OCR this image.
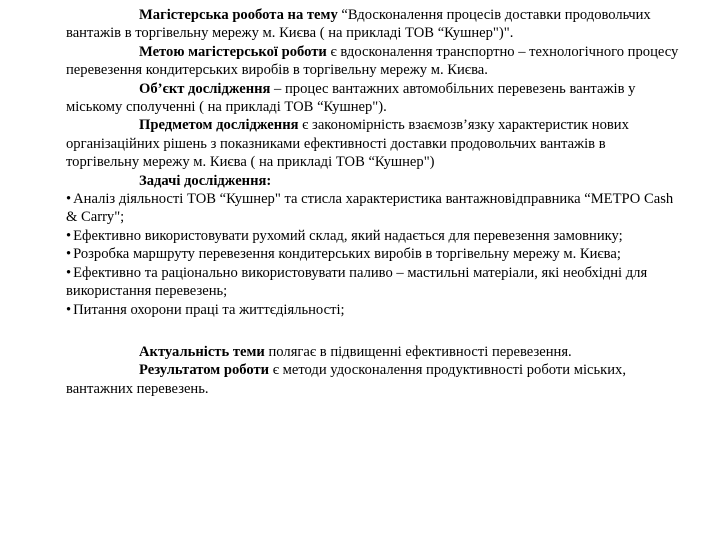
Магістерська рообота на тему “Вдосконалення процесів доставки продовольчих вантажів в торгівельну мережу м. Києва ( на прикладі ТОВ “Кушнер")".

Метою магістерської роботи є вдосконалення транспортно – технологічного процесу перевезення кондитерських виробів в торгівельну мережу м. Києва.

Об’єкт дослідження – процес вантажних автомобільних перевезень вантажів у міському сполученні ( на прикладі ТОВ “Кушнер").

Предметом дослідження є закономірність взаємозв’язку характеристик нових організаційних рішень з показниками ефективності доставки продовольчих вантажів в торгівельну мережу м. Києва ( на прикладі ТОВ “Кушнер")

Задачі дослідження:

• Аналіз діяльності ТОВ “Кушнер" та стисла характеристика вантажновідправника “МЕТРО Cash & Carry";
• Ефективно використовувати рухомий склад, який надається для перевезення замовнику;
• Розробка маршруту перевезення кондитерських виробів в торгівельну мережу м. Києва;
• Ефективно та раціонально використовувати паливо – мастильні матеріали, які необхідні для використання перевезень;
• Питання охорони праці та життєдіяльності;

Актуальність теми полягає в підвищенні ефективності перевезення.

Результатом роботи є методи удосконалення продуктивності роботи міських, вантажних перевезень.
